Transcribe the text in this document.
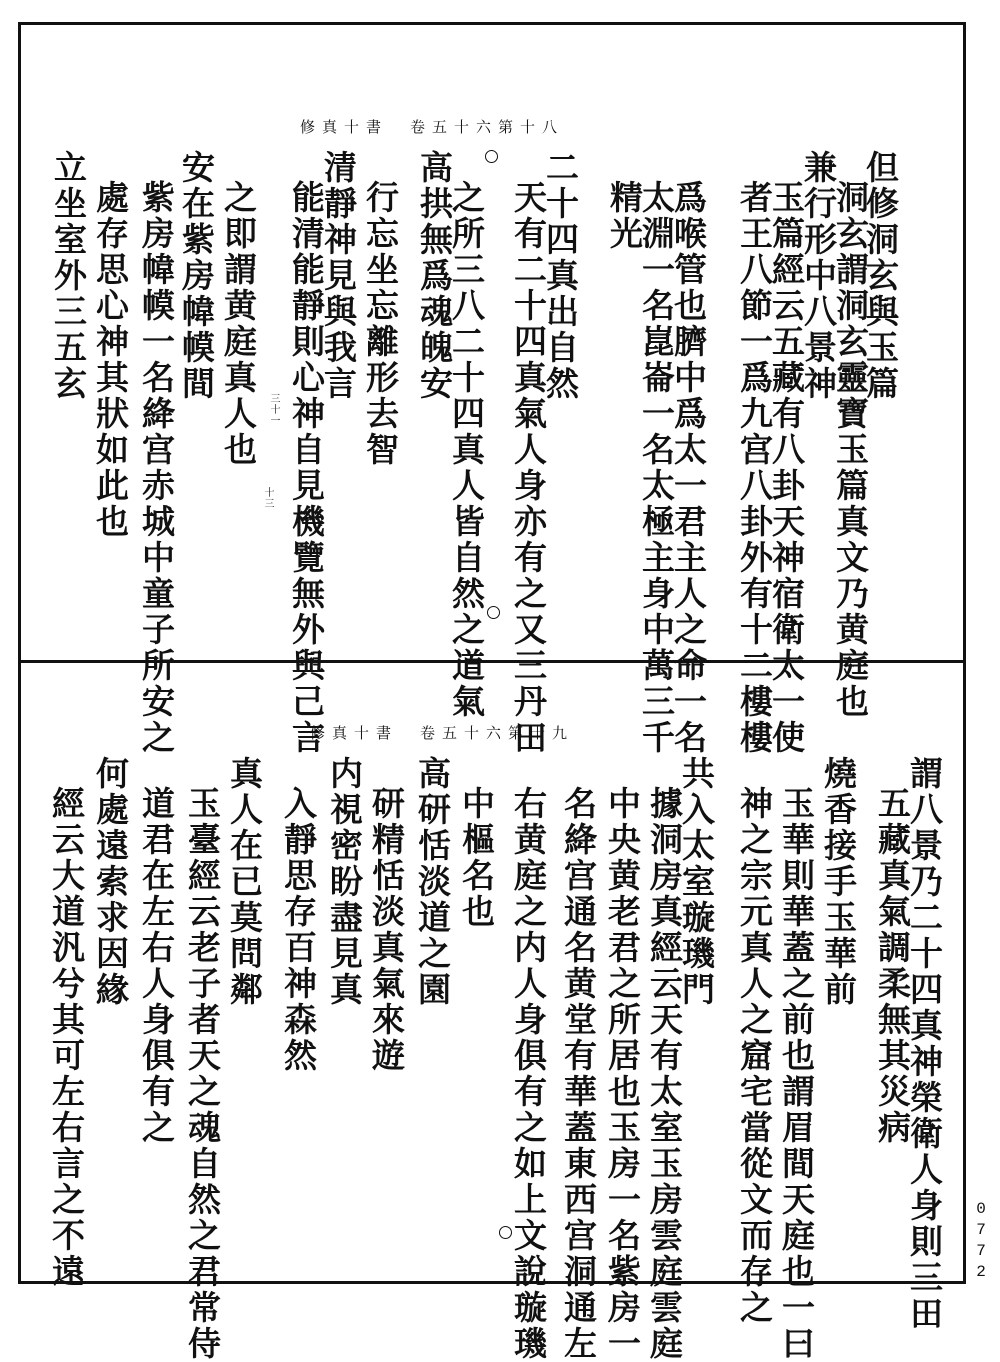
修真十書　卷五十六第十八
但修洞玄與玉篇
洞玄謂洞玄靈寶玉篇真文乃黄庭也
兼行形中八景神
玉篇經云五藏有八卦天神宿衛太一使
者王八節一爲九宫八卦外有十二樓樓
爲喉管也臍中爲太一君主人之命一名
太淵一名崑崙一名太極主身中萬三千
精光
二十四真出自然
天有二十四真氣人身亦有之又三丹田
之所三八二十四真人皆自然之道氣
高拱無爲魂魄安
行忘坐忘離形去智
清靜神見與我言
能清能靜則心神自見機覽無外與己言
三十一
十三
之即謂黄庭真人也
安在紫房幃幙間
紫房幃幙一名絳宫赤城中童子所安之
處存思心神其狀如此也
立坐室外三五玄
修真十書　卷五十六第十九
謂八景乃二十四真神榮衛人身則三田
五藏真氣調柔無其災病
燒香接手玉華前
玉華則華蓋之前也謂眉間天庭也一曰
神之宗元真人之窟宅當從文而存之
共入太室璇璣門
據洞房真經云天有太室玉房雲庭雲庭
中央黄老君之所居也玉房一名紫房一
名絳宫通名黄堂有華蓋東西宫洞通左
右黄庭之内人身俱有之如上文說璇璣
中樞名也
高研恬淡道之園
研精恬淡真氣來遊
内視密盼盡見真
入靜思存百神森然
真人在已莫問鄰
玉臺經云老子者天之魂自然之君常侍
道君在左右人身俱有之
何處遠索求因緣
經云大道汎兮其可左右言之不遠	0772
